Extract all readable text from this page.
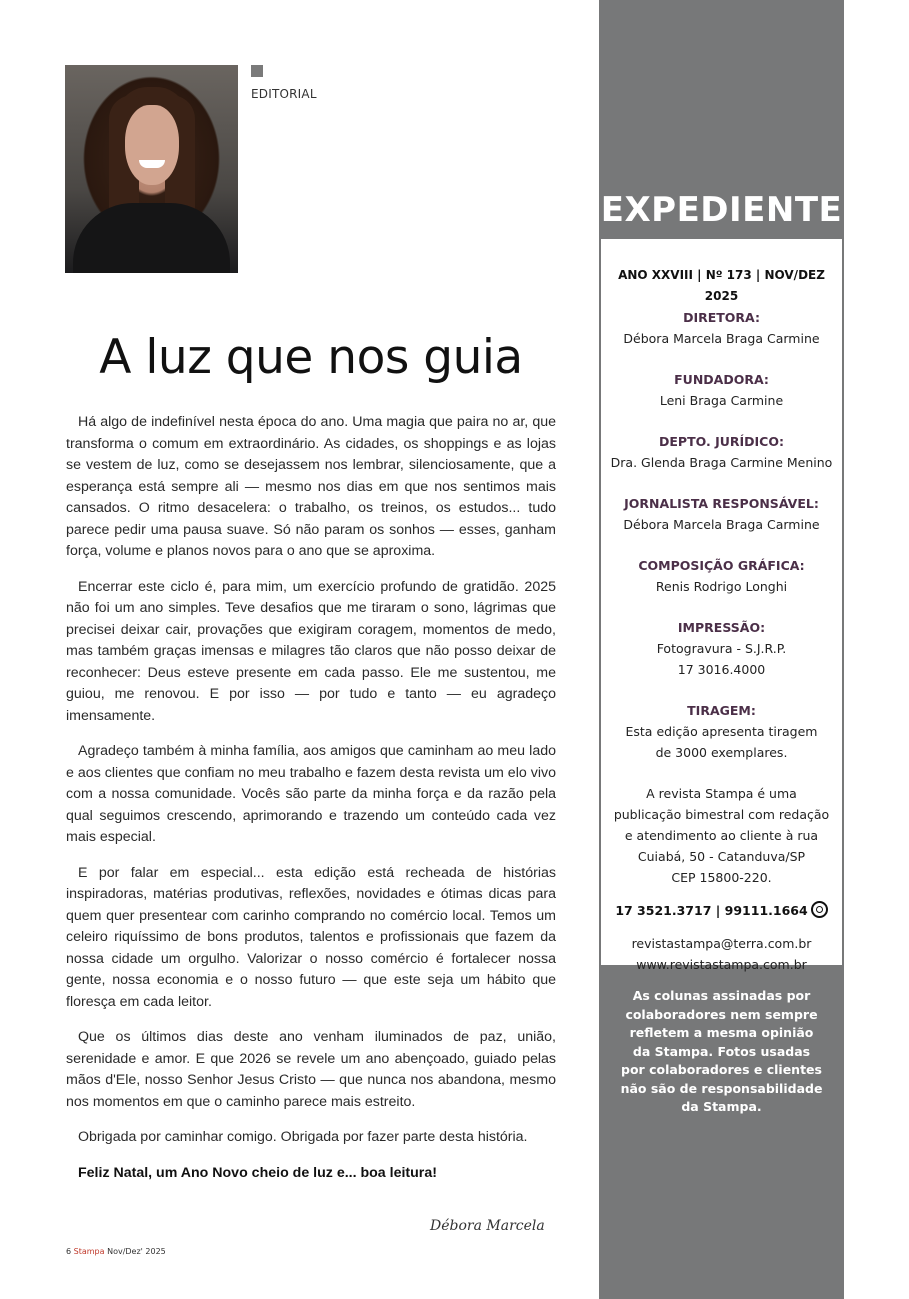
EDITORIAL
A luz que nos guia

Há algo de indefinível nesta época do ano. Uma magia que paira no ar, que transforma o comum em extraordinário. As cidades, os shoppings e as lojas se vestem de luz, como se desejassem nos lembrar, silenciosamente, que a esperança está sempre ali — mesmo nos dias em que nos sentimos mais cansados. O ritmo desacelera: o trabalho, os treinos, os estudos... tudo parece pedir uma pausa suave. Só não param os sonhos — esses, ganham força, volume e planos novos para o ano que se aproxima.

Encerrar este ciclo é, para mim, um exercício profundo de gratidão. 2025 não foi um ano simples. Teve desafios que me tiraram o sono, lágrimas que precisei deixar cair, provações que exigiram coragem, momentos de medo, mas também graças imensas e milagres tão claros que não posso deixar de reconhecer: Deus esteve presente em cada passo. Ele me sustentou, me guiou, me renovou. E por isso — por tudo e tanto — eu agradeço imensamente.

Agradeço também à minha família, aos amigos que caminham ao meu lado e aos clientes que confiam no meu trabalho e fazem desta revista um elo vivo com a nossa comunidade. Vocês são parte da minha força e da razão pela qual seguimos crescendo, aprimorando e trazendo um conteúdo cada vez mais especial.

E por falar em especial... esta edição está recheada de histórias inspiradoras, matérias produtivas, reflexões, novidades e ótimas dicas para quem quer presentear com carinho comprando no comércio local. Temos um celeiro riquíssimo de bons produtos, talentos e profissionais que fazem da nossa cidade um orgulho. Valorizar o nosso comércio é fortalecer nossa gente, nossa economia e o nosso futuro — que este seja um hábito que floresça em cada leitor.

Que os últimos dias deste ano venham iluminados de paz, união, serenidade e amor. E que 2026 se revele um ano abençoado, guiado pelas mãos d'Ele, nosso Senhor Jesus Cristo — que nunca nos abandona, mesmo nos momentos em que o caminho parece mais estreito.

Obrigada por caminhar comigo. Obrigada por fazer parte desta história.

Feliz Natal, um Ano Novo cheio de luz e... boa leitura!

Débora Marcela
6 Stampa Nov/Dez' 2025
EXPEDIENTE
ANO XXVIII | Nº 173 | NOV/DEZ 2025
DIRETORA:
Débora Marcela Braga Carmine
FUNDADORA:
Leni Braga Carmine
DEPTO. JURÍDICO:
Dra. Glenda Braga Carmine Menino
JORNALISTA RESPONSÁVEL:
Débora Marcela Braga Carmine
COMPOSIÇÃO GRÁFICA:
Renis Rodrigo Longhi
IMPRESSÃO:
Fotogravura - S.J.R.P.
17 3016.4000
TIRAGEM:
Esta edição apresenta tiragem
de 3000 exemplares.
A revista Stampa é uma
publicação bimestral com redação
e atendimento ao cliente à rua
Cuiabá, 50 - Catanduva/SP
CEP 15800-220.
17 3521.3717 | 99111.1664
revistastampa@terra.com.br
www.revistastampa.com.br
As colunas assinadas por colaboradores nem sempre refletem a mesma opinião da Stampa. Fotos usadas por colaboradores e clientes não são de responsabilidade da Stampa.
